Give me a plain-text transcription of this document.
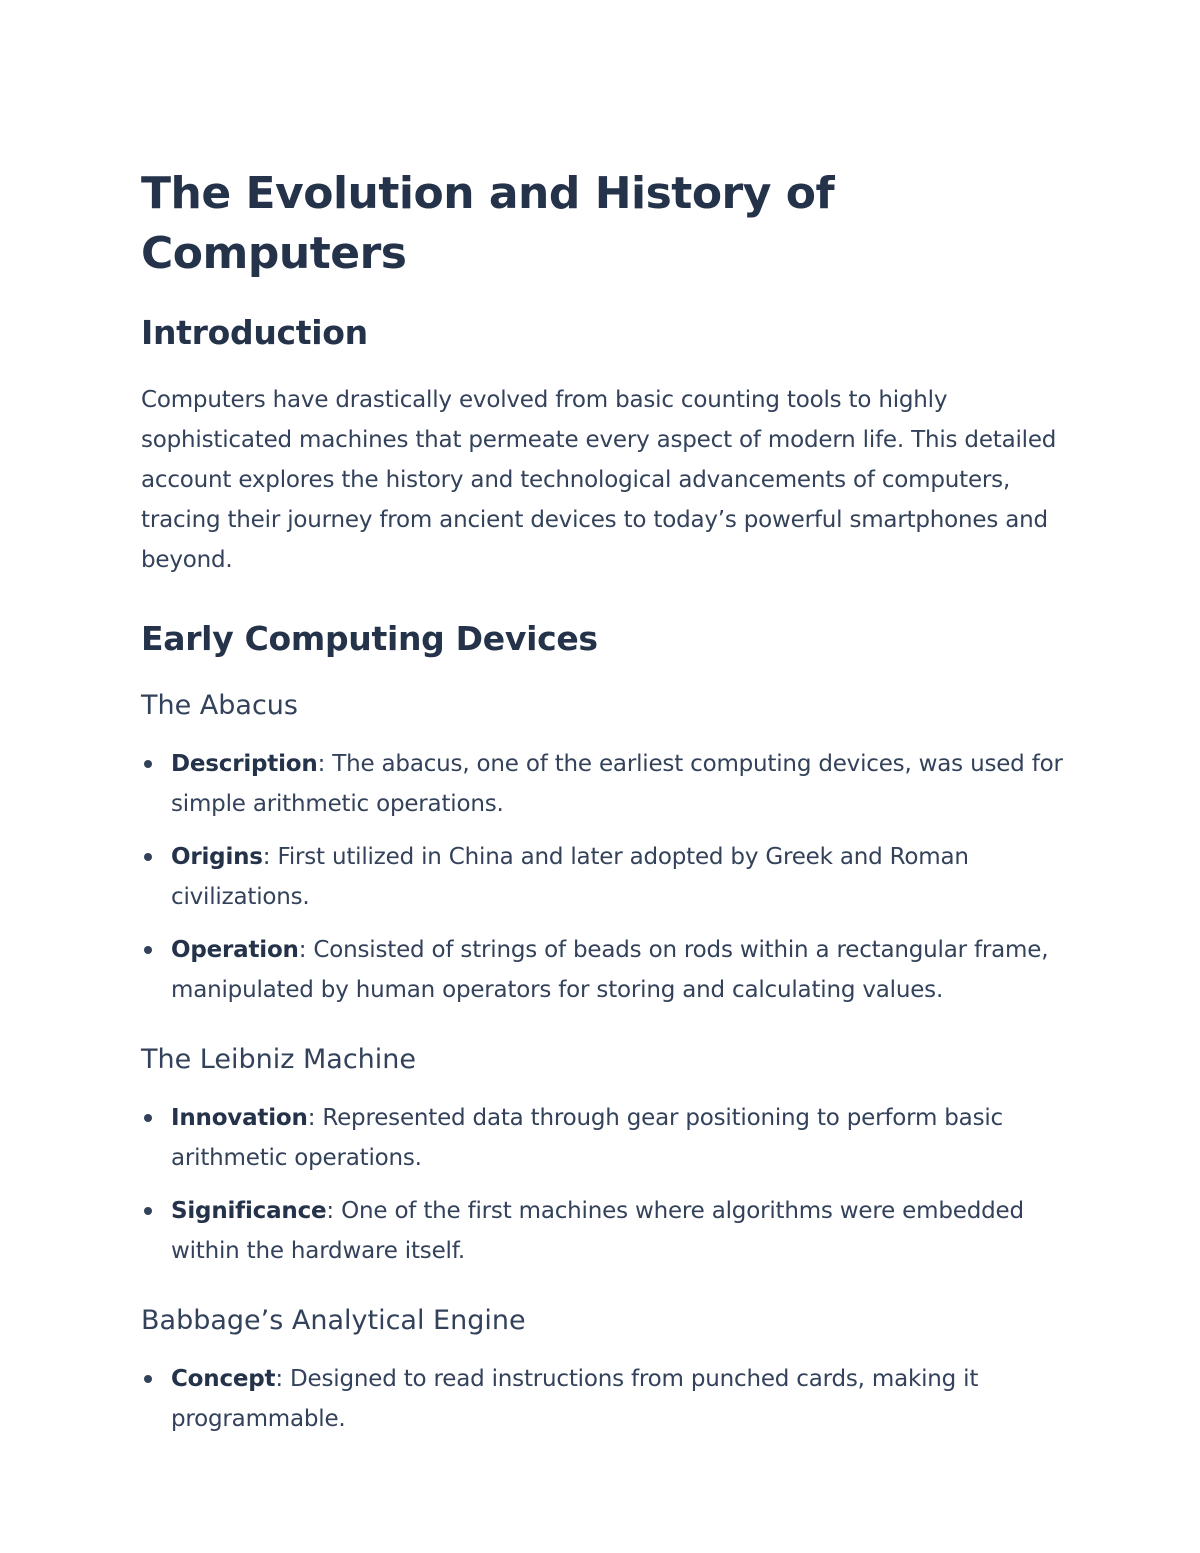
The Evolution and History of Computers
Introduction

Computers have drastically evolved from basic counting tools to highly sophisticated machines that permeate every aspect of modern life. This detailed account explores the history and technological advancements of computers, tracing their journey from ancient devices to today’s powerful smartphones and beyond.

Early Computing Devices
The Abacus
Description: The abacus, one of the earliest computing devices, was used for simple arithmetic operations.
Origins: First utilized in China and later adopted by Greek and Roman civilizations.
Operation: Consisted of strings of beads on rods within a rectangular frame, manipulated by human operators for storing and calculating values.
The Leibniz Machine
Innovation: Represented data through gear positioning to perform basic arithmetic operations.
Significance: One of the first machines where algorithms were embedded within the hardware itself.
Babbage’s Analytical Engine
Concept: Designed to read instructions from punched cards, making it programmable.
